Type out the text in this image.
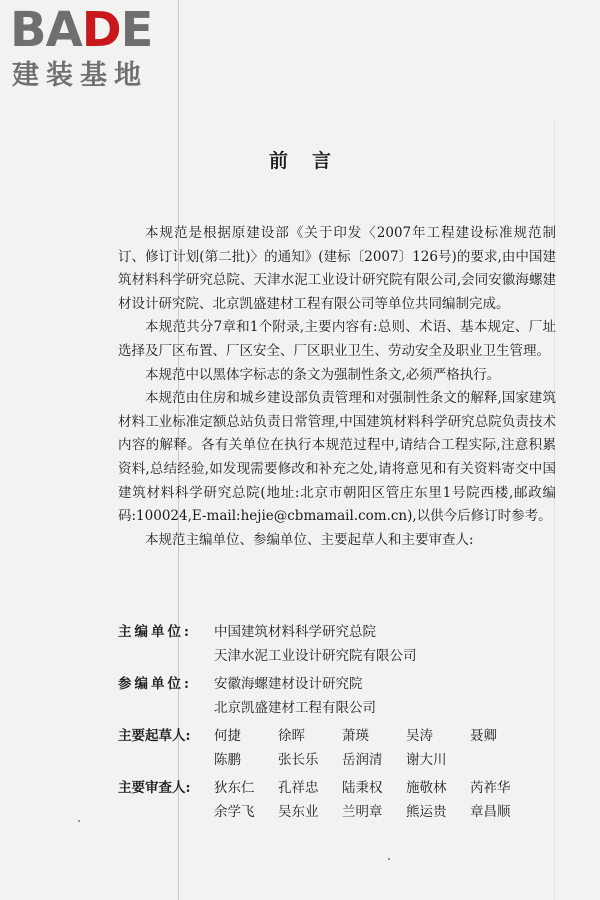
BADE
建装基地
前言

本规范是根据原建设部《关于印发〈2007年工程建设标准规范制订、修订计划(第二批)〉的通知》(建标〔2007〕126号)的要求,由中国建筑材料科学研究总院、天津水泥工业设计研究院有限公司,会同安徽海螺建材设计研究院、北京凯盛建材工程有限公司等单位共同编制完成。

本规范共分7章和1个附录,主要内容有:总则、术语、基本规定、厂址选择及厂区布置、厂区安全、厂区职业卫生、劳动安全及职业卫生管理。

本规范中以黑体字标志的条文为强制性条文,必须严格执行。

本规范由住房和城乡建设部负责管理和对强制性条文的解释,国家建筑材料工业标准定额总站负责日常管理,中国建筑材料科学研究总院负责技术内容的解释。各有关单位在执行本规范过程中,请结合工程实际,注意积累资料,总结经验,如发现需要修改和补充之处,请将意见和有关资料寄交中国建筑材料科学研究总院(地址:北京市朝阳区管庄东里1号院西楼,邮政编码:100024,E-mail:hejie@cbmamail.com.cn),以供今后修订时参考。

本规范主编单位、参编单位、主要起草人和主要审查人:

主编单位: 中国建筑材料科学研究总院
天津水泥工业设计研究院有限公司
参编单位: 安徽海螺建材设计研究院
北京凯盛建材工程有限公司
主要起草人: 何捷	徐晖	萧瑛	吴涛	聂卿
陈鹏	张长乐 岳润清 谢大川
主要审查人: 狄东仁 孔祥忠 陆秉权 施敬林 芮祚华
余学飞 吴东业 兰明章 熊运贵 章昌顺
